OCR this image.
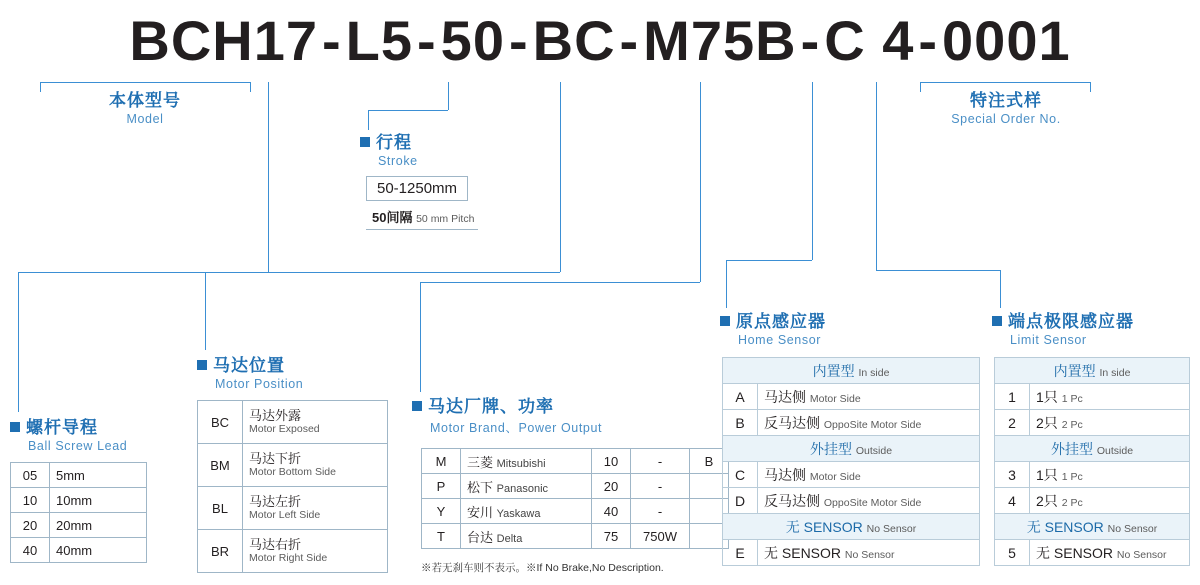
BCH17-L5-50-BC-M75B-C 4-0001
本体型号
Model
特注式样
Special Order No.
行程
Stroke
螺杆导程
Ball Screw Lead
马达位置
Motor Position
马达厂牌、功率
Motor Brand、Power Output
原点感应器
Home Sensor
端点极限感应器
Limit Sensor
50-1250mm
50间隔 50 mm Pitch
05	5mm
10	10mm
20	20mm
40	40mm
BC	马达外露
Motor Exposed

BM	马达下折
Motor Bottom Side

BL	马达左折
Motor Left Side

BR	马达右折
Motor Right Side
M	三菱 Mitsubishi	10	-	B
P	松下 Panasonic	20	-	
Y	安川 Yaskawa	40	-	
T	台达 Delta	75	750W	
※若无刹车则不表示。※If No Brake,No Description.
内置型 In side	
A	马达侧 Motor Side
B	反马达侧 OppoSite Motor Side
外挂型 Outside	
C	马达侧 Motor Side
D	反马达侧 OppoSite Motor Side
无 SENSOR No Sensor	
E	无 SENSOR No Sensor
内置型 In side	
1	1只 1 Pc
2	2只 2 Pc
外挂型 Outside	
3	1只 1 Pc
4	2只 2 Pc
无 SENSOR No Sensor	
5	无 SENSOR No Sensor
